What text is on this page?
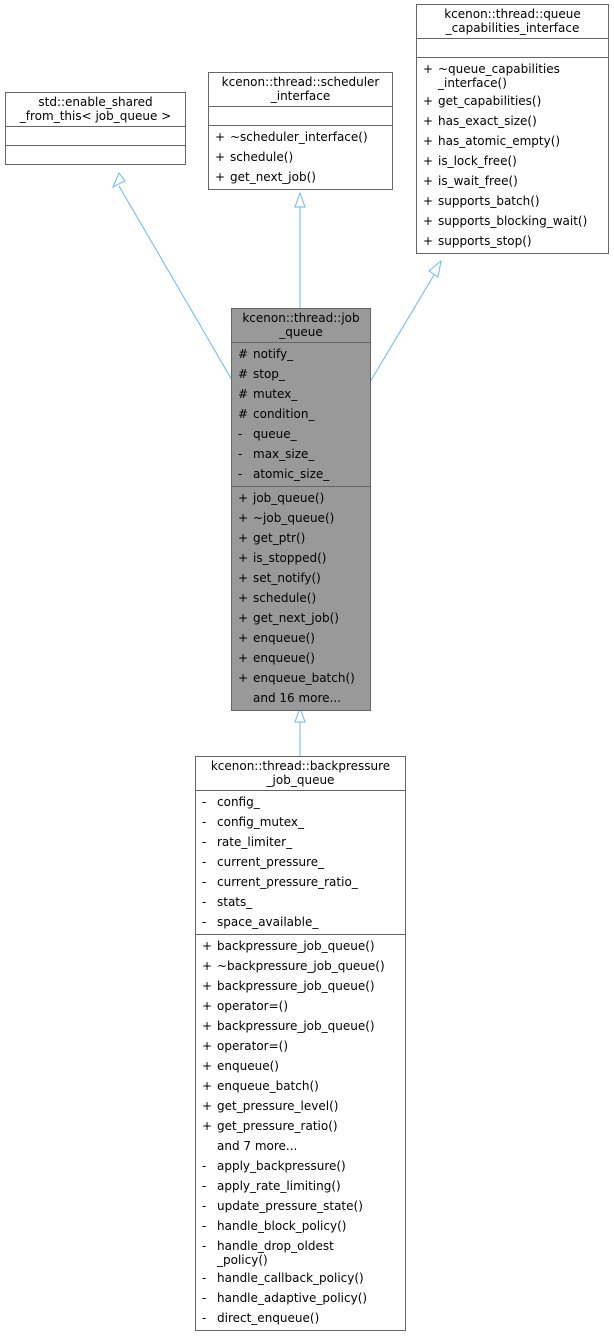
std::enable_shared
_from_this< job_queue >
kcenon::thread::scheduler
_interface
+ ~scheduler_interface()
+ schedule()
+ get_next_job()
kcenon::thread::queue
_capabilities_interface
+ ~queue_capabilities
_interface()
+ get_capabilities()
+ has_exact_size()
+ has_atomic_empty()
+ is_lock_free()
+ is_wait_free()
+ supports_batch()
+ supports_blocking_wait()
+ supports_stop()
kcenon::thread::job
_queue
# notify_
# stop_
# mutex_
# condition_
- queue_
- max_size_
- atomic_size_
+ job_queue()
+ ~job_queue()
+ get_ptr()
+ is_stopped()
+ set_notify()
+ schedule()
+ get_next_job()
+ enqueue()
+ enqueue()
+ enqueue_batch()
and 16 more...
kcenon::thread::backpressure
_job_queue
- config_
- config_mutex_
- rate_limiter_
- current_pressure_
- current_pressure_ratio_
- stats_
- space_available_
+ backpressure_job_queue()
+ ~backpressure_job_queue()
+ backpressure_job_queue()
+ operator=()
+ backpressure_job_queue()
+ operator=()
+ enqueue()
+ enqueue_batch()
+ get_pressure_level()
+ get_pressure_ratio()
and 7 more...
- apply_backpressure()
- apply_rate_limiting()
- update_pressure_state()
- handle_block_policy()
- handle_drop_oldest
_policy()
- handle_callback_policy()
- handle_adaptive_policy()
- direct_enqueue()
